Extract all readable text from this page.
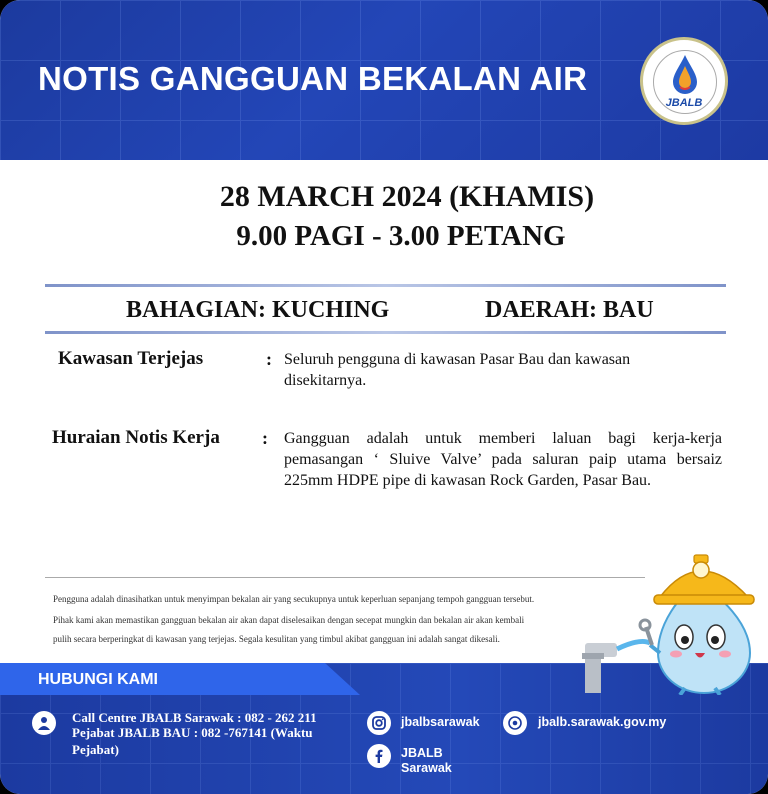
NOTIS GANGGUAN BEKALAN AIR
JBALB
28 MARCH 2024 (KHAMIS)
9.00 PAGI - 3.00 PETANG
BAHAGIAN: KUCHING	DAERAH: BAU
Kawasan Terjejas	: Seluruh pengguna di kawasan Pasar Bau dan kawasan disekitarnya.
Huraian Notis Kerja : Gangguan adalah untuk memberi laluan bagi kerja-kerja pemasangan ‘ Sluive Valve’ pada saluran paip utama bersaiz 225mm HDPE pipe di kawasan Rock Garden, Pasar Bau.

Pengguna adalah dinasihatkan untuk menyimpan bekalan air yang secukupnya untuk keperluan sepanjang tempoh gangguan tersebut.

Pihak kami akan memastikan gangguan bekalan air akan dapat diselesaikan dengan secepat mungkin dan bekalan air akan kembali

pulih secara berperingkat di kawasan yang terjejas. Segala kesulitan yang timbul akibat gangguan ini adalah sangat dikesali.

HUBUNGI KAMI
Call Centre JBALB Sarawak : 082 - 262 211
Pejabat JBALB BAU : 082 -767141 (Waktu Pejabat)
jbalbsarawak	jbalb.sarawak.gov.my
JBALB
Sarawak
